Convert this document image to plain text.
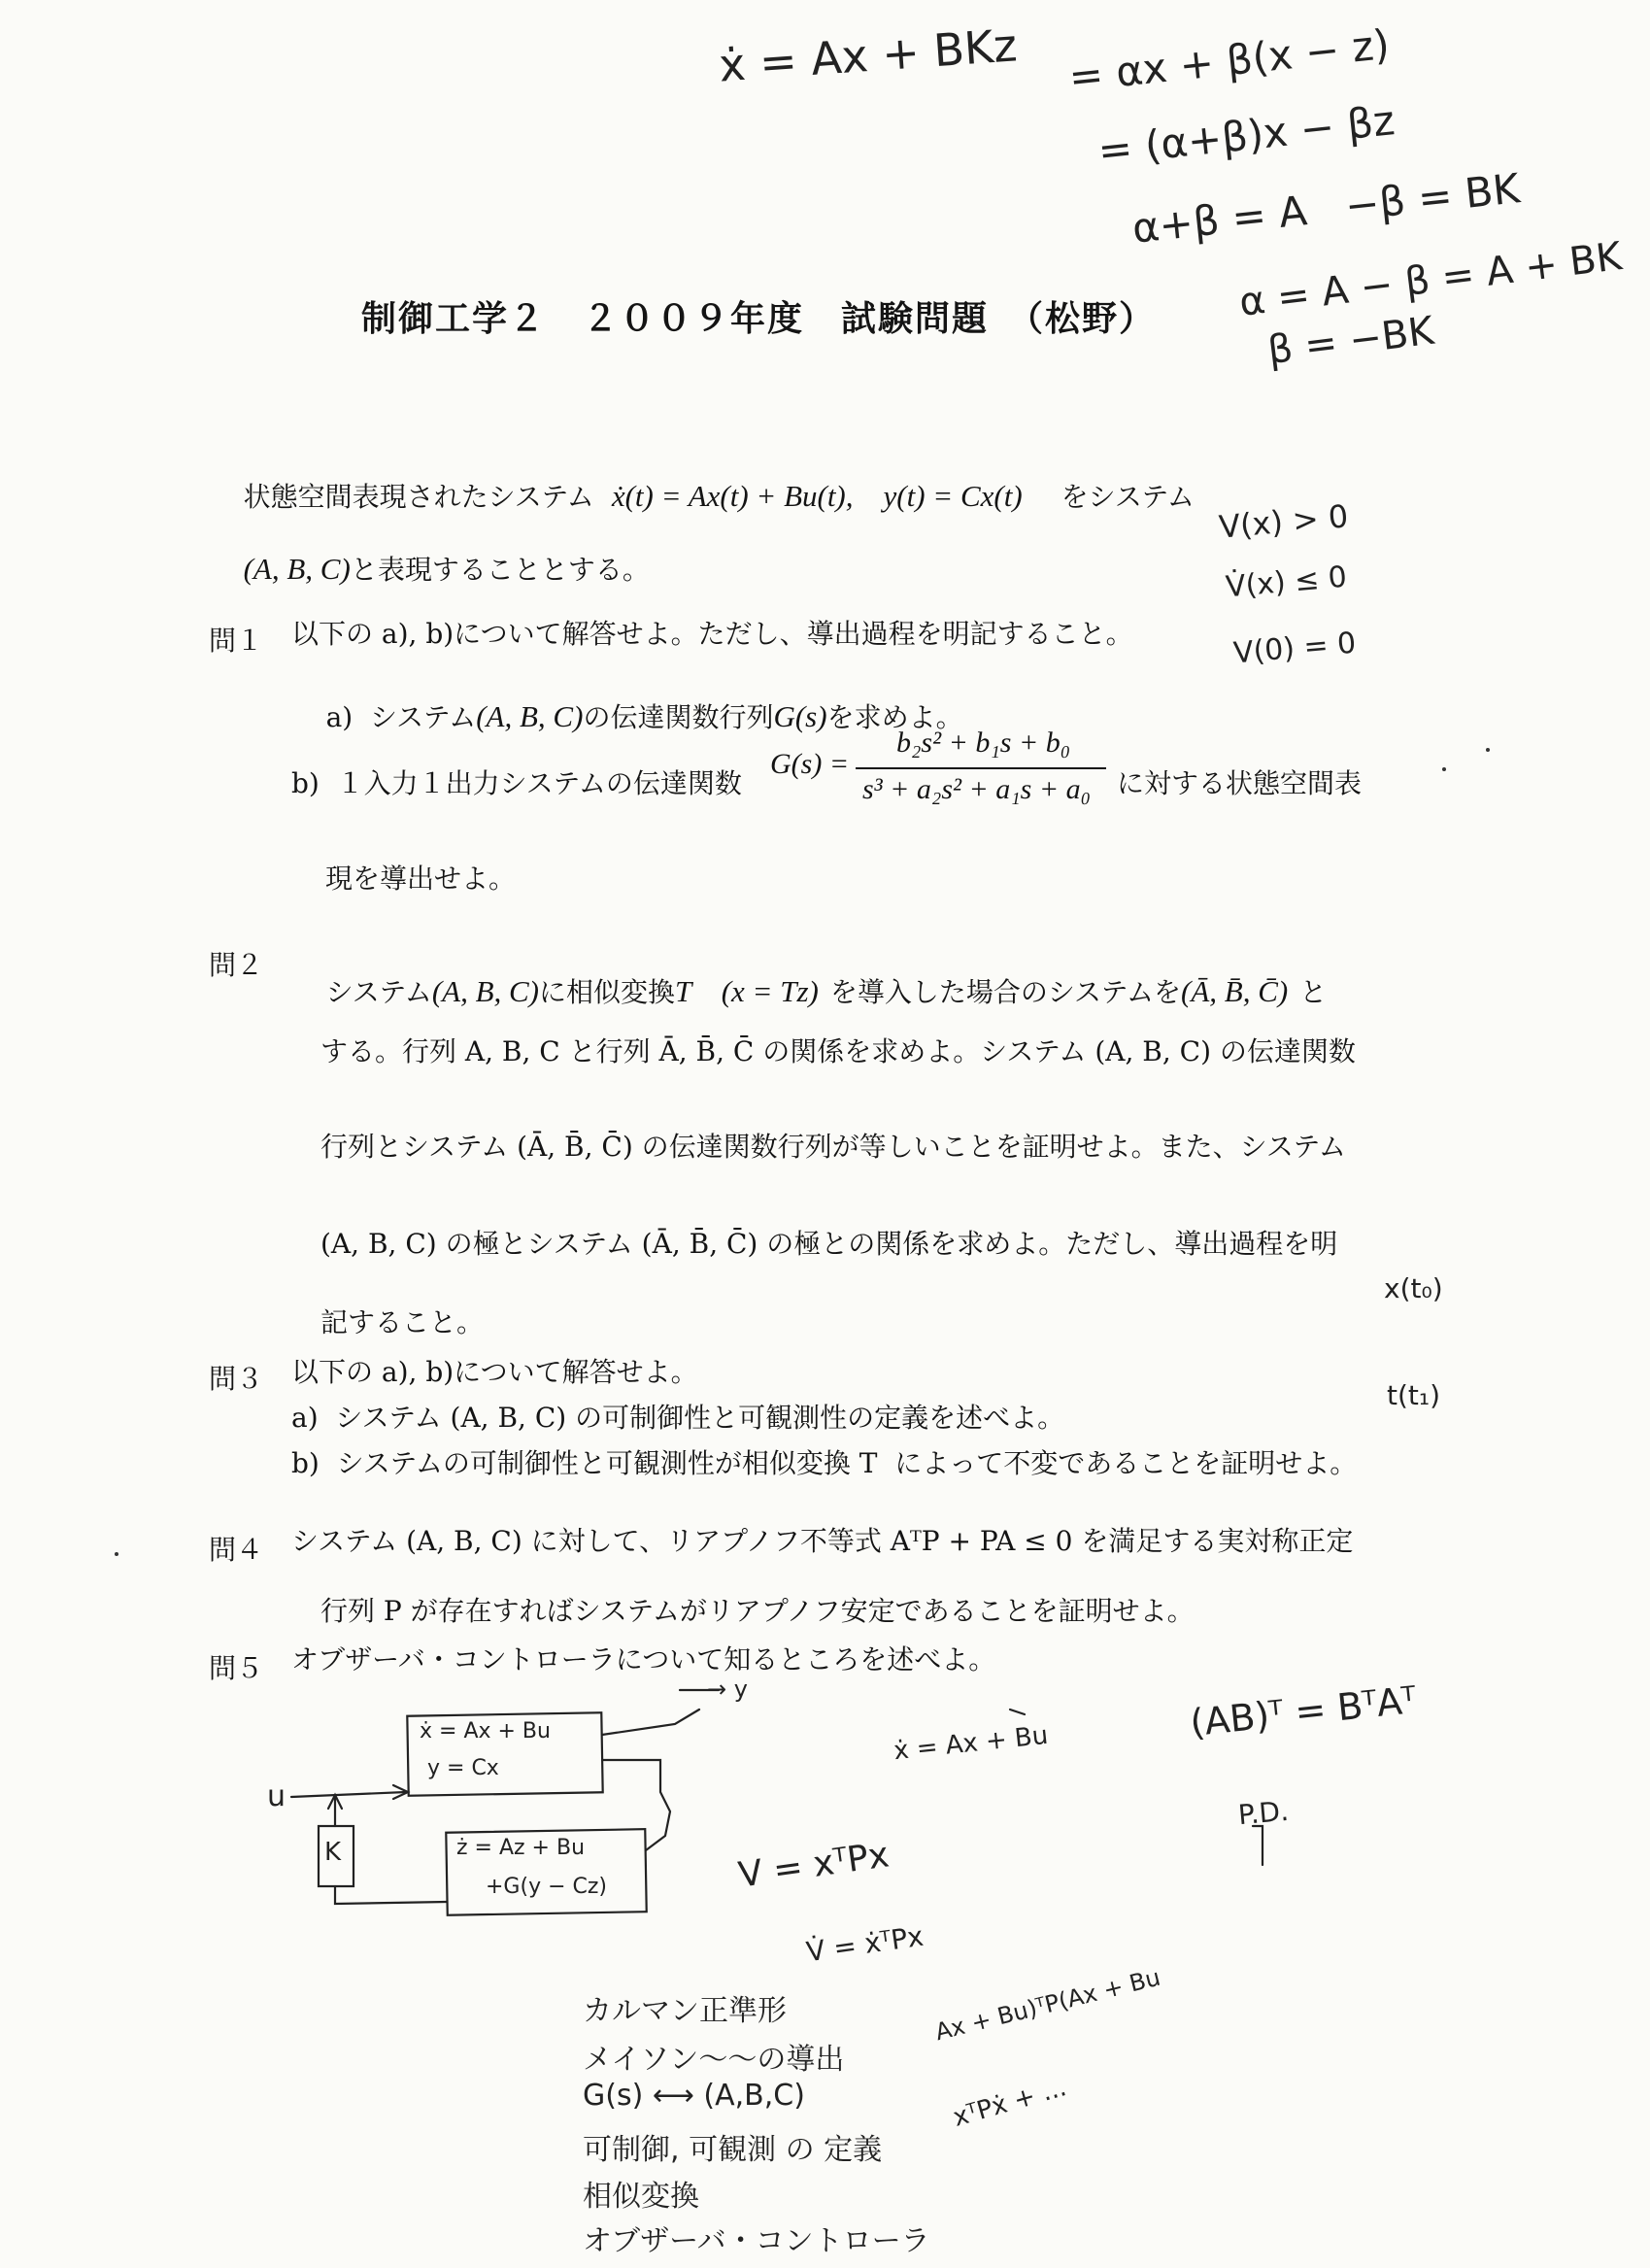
制御工学２　２００９年度　試験問題　（松野）

状態空間表現されたシステム ẋ(t) = Ax(t) + Bu(t),　y(t) = Cx(t) をシステム

(A, B, C)と表現することとする。

問１ 以下の a), b)について解答せよ。ただし、導出過程を明記すること。

a)  システム(A, B, C)の伝達関数行列G(s)を求めよ。

b)  １入力１出力システムの伝達関数
G(s) =
b₂s² + b₁s + b₀
s³ + a₂s² + a₁s + a₀ に対する状態空間表
現を導出せよ。
問２

システム(A, B, C)に相似変換T　(x = Tz) を導入した場合のシステムを(Ā, B̄, C̄) と

する。行列 A, B, C と行列 Ā, B̄, C̄ の関係を求めよ。システム (A, B, C) の伝達関数
行列とシステム (Ā, B̄, C̄) の伝達関数行列が等しいことを証明せよ。また、システム
(A, B, C) の極とシステム (Ā, B̄, C̄) の極との関係を求めよ。ただし、導出過程を明
記すること。
問３ 以下の a), b)について解答せよ。
a)  システム (A, B, C) の可制御性と可観測性の定義を述べよ。
b)  システムの可制御性と可観測性が相似変換 T  によって不変であることを証明せよ。
問４ システム (A, B, C) に対して、リアプノフ不等式 AᵀP + PA ≤ 0 を満足する実対称正定
行列 P が存在すればシステムがリアプノフ安定であることを証明せよ。
問５ オブザーバ・コントローラについて知るところを述べよ。
ẋ = Ax + BKz = αx + β(x − z)
= (α+β)x − βz
α+β = A   −β = BK
α = A − β = A + BK
β = −BK
V(x) > 0
V̇(x) ≤ 0
V(0) = 0
x(t₀)
t(t₁)
u
K
ẋ = Ax + Bu
y = Cx
ż = Az + Bu
+G(y − Cz)
→ y
ẋ = Ax + Bu
V = xᵀPx
V̇ = ẋᵀPx
Ax + Bu)ᵀP(Ax + Bu
xᵀPẋ + ...
(AB)ᵀ = BᵀAᵀ
P.D.
カルマン正準形
メイソン〜〜の導出
G(s) ⟷ (A,B,C)
可制御, 可観測 の 定義
相似変換
オブザーバ・コントローラ
